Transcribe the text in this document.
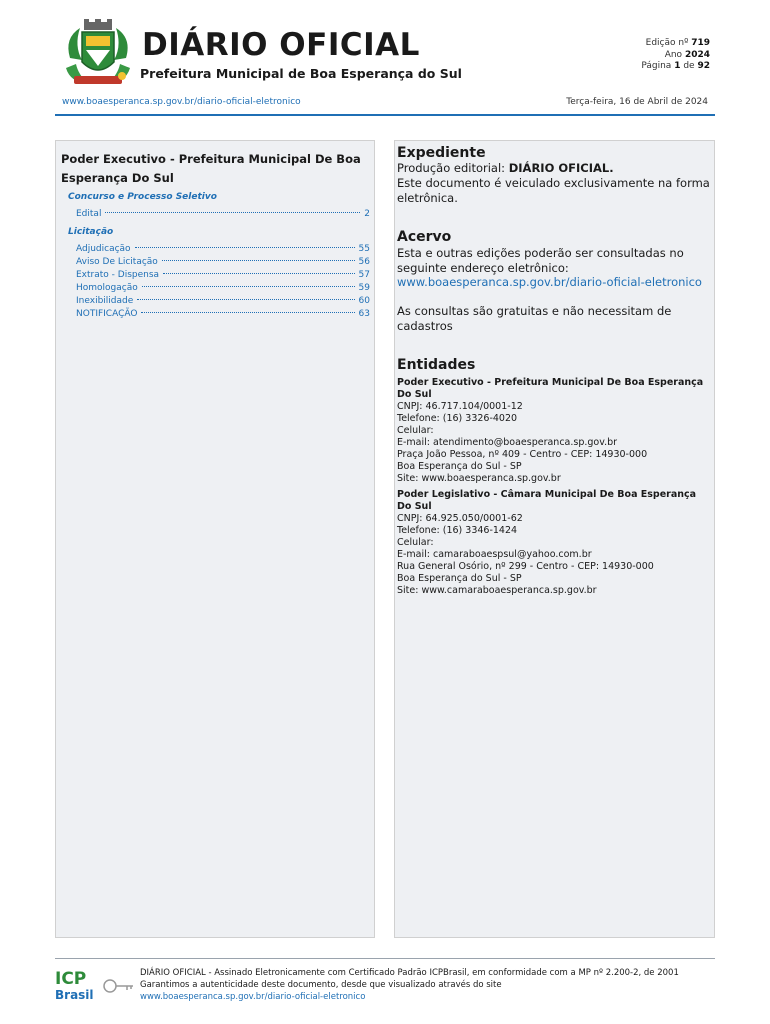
DIÁRIO OFICIAL
Prefeitura Municipal de Boa Esperança do Sul
Edição nº 719
Ano 2024
Página 1 de 92
www.boaesperanca.sp.gov.br/diario-oficial-eletronico	Terça-feira, 16 de Abril de 2024
Poder Executivo - Prefeitura Municipal De Boa Esperança Do Sul
Concurso e Processo Seletivo
Edital	2
Licitação
Adjudicação	55
Aviso De Licitação	56
Extrato - Dispensa	57
Homologação	59
Inexibilidade	60
NOTIFICAÇÃO	63
Expediente
Produção editorial: DIÁRIO OFICIAL.
Este documento é veiculado exclusivamente na forma eletrônica.
Acervo
Esta e outras edições poderão ser consultadas no seguinte endereço eletrônico:
www.boaesperanca.sp.gov.br/diario-oficial-eletronico
As consultas são gratuitas e não necessitam de cadastros
Entidades
Poder Executivo - Prefeitura Municipal De Boa Esperança Do Sul
CNPJ: 46.717.104/0001-12
Telefone: (16) 3326-4020
Celular:
E-mail: atendimento@boaesperanca.sp.gov.br
Praça João Pessoa, nº 409 - Centro - CEP: 14930-000
Boa Esperança do Sul - SP
Site: www.boaesperanca.sp.gov.br
Poder Legislativo - Câmara Municipal De Boa Esperança Do Sul
CNPJ: 64.925.050/0001-62
Telefone: (16) 3346-1424
Celular:
E-mail: camaraboaespsul@yahoo.com.br
Rua General Osório, nº 299 - Centro - CEP: 14930-000
Boa Esperança do Sul - SP
Site: www.camaraboaesperanca.sp.gov.br
ICP
Brasil
DIÁRIO OFICIAL - Assinado Eletronicamente com Certificado Padrão ICPBrasil, em conformidade com a MP nº 2.200-2, de 2001
Garantimos a autenticidade deste documento, desde que visualizado através do site
www.boaesperanca.sp.gov.br/diario-oficial-eletronico
